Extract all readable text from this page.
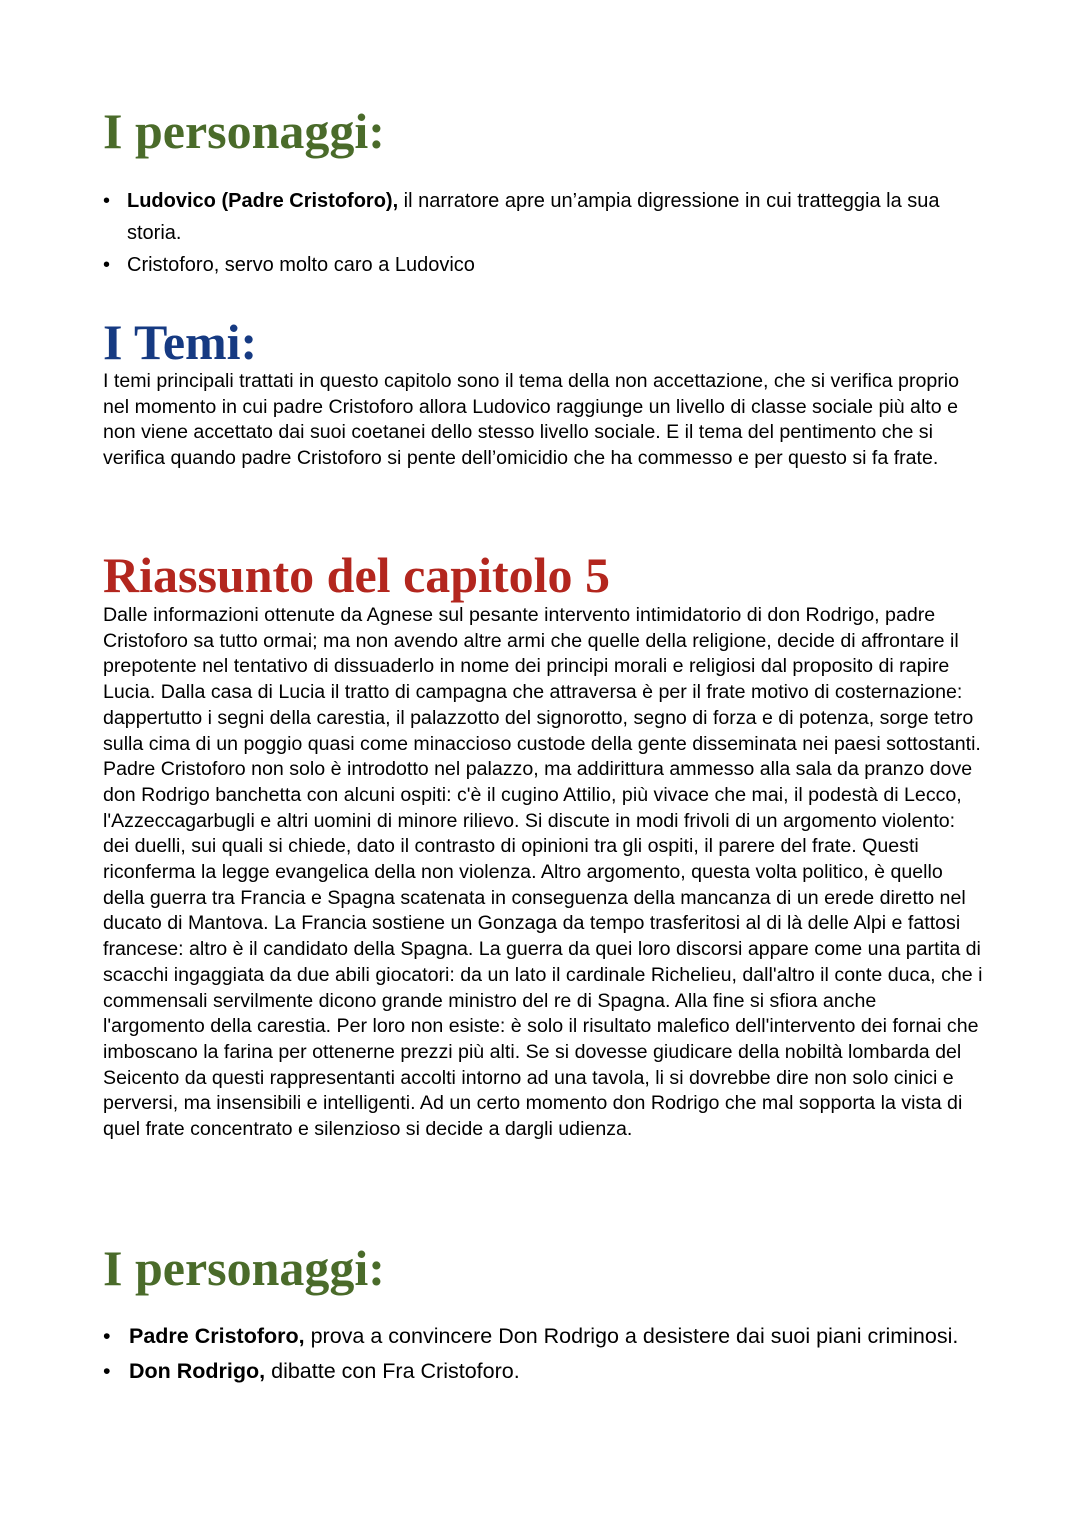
I personaggi:
• Ludovico (Padre Cristoforo), il narratore apre un’ampia digressione in cui tratteggia la sua storia.
• Cristoforo, servo molto caro a Ludovico
I Temi:

I temi principali trattati in questo capitolo sono il tema della non accettazione, che si verifica proprio nel momento in cui padre Cristoforo allora Ludovico raggiunge un livello di classe sociale più alto e non viene accettato dai suoi coetanei dello stesso livello sociale. E il tema del pentimento che si verifica quando padre Cristoforo si pente dell’omicidio che ha commesso e per questo si fa frate.

Riassunto del capitolo 5

Dalle informazioni ottenute da Agnese sul pesante intervento intimidatorio di don Rodrigo, padre Cristoforo sa tutto ormai; ma non avendo altre armi che quelle della religione, decide di affrontare il prepotente nel tentativo di dissuaderlo in nome dei principi morali e religiosi dal proposito di rapire Lucia. Dalla casa di Lucia il tratto di campagna che attraversa è per il frate motivo di costernazione: dappertutto i segni della carestia, il palazzotto del signorotto, segno di forza e di potenza, sorge tetro sulla cima di un poggio quasi come minaccioso custode della gente disseminata nei paesi sottostanti. Padre Cristoforo non solo è introdotto nel palazzo, ma addirittura ammesso alla sala da pranzo dove don Rodrigo banchetta con alcuni ospiti: c'è il cugino Attilio, più vivace che mai, il podestà di Lecco, l'Azzeccagarbugli e altri uomini di minore rilievo. Si discute in modi frivoli di un argomento violento: dei duelli, sui quali si chiede, dato il contrasto di opinioni tra gli ospiti, il parere del frate. Questi riconferma la legge evangelica della non violenza. Altro argomento, questa volta politico, è quello della guerra tra Francia e Spagna scatenata in conseguenza della mancanza di un erede diretto nel ducato di Mantova. La Francia sostiene un Gonzaga da tempo trasferitosi al di là delle Alpi e fattosi francese: altro è il candidato della Spagna. La guerra da quei loro discorsi appare come una partita di scacchi ingaggiata da due abili giocatori: da un lato il cardinale Richelieu, dall'altro il conte duca, che i commensali servilmente dicono grande ministro del re di Spagna. Alla fine si sfiora anche l'argomento della carestia. Per loro non esiste: è solo il risultato malefico dell'intervento dei fornai che imboscano la farina per ottenerne prezzi più alti. Se si dovesse giudicare della nobiltà lombarda del Seicento da questi rappresentanti accolti intorno ad una tavola, li si dovrebbe dire non solo cinici e perversi, ma insensibili e intelligenti. Ad un certo momento don Rodrigo che mal sopporta la vista di quel frate concentrato e silenzioso si decide a dargli udienza.

I personaggi:
• Padre Cristoforo, prova a convincere Don Rodrigo a desistere dai suoi piani criminosi.
• Don Rodrigo, dibatte con Fra Cristoforo.
